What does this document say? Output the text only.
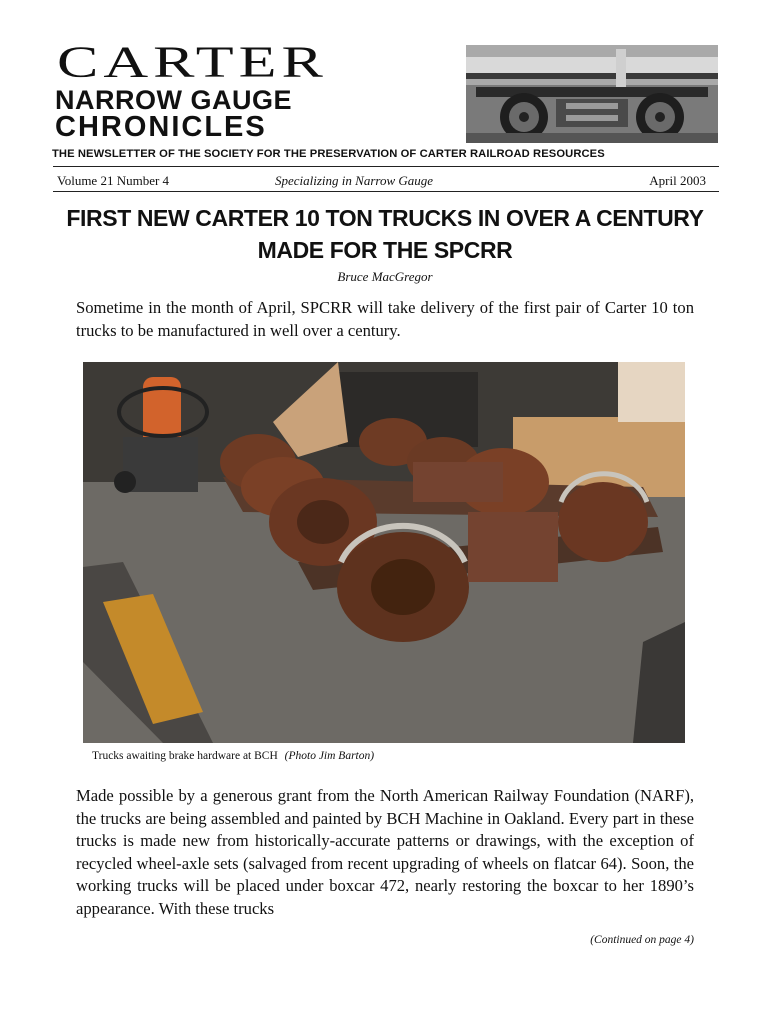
CARTER
NARROW GAUGE
CHRONICLES
THE NEWSLETTER OF THE SOCIETY FOR THE PRESERVATION OF CARTER RAILROAD RESOURCES
Volume 21 Number 4	Specializing in Narrow Gauge	April 2003
FIRST NEW CARTER 10 TON TRUCKS IN OVER A CENTURY MADE FOR THE SPCRR
Bruce MacGregor
Sometime in the month of April, SPCRR will take delivery of the first pair of Carter 10 ton trucks to be manufactured in well over a century.
Trucks awaiting brake hardware at BCH (Photo Jim Barton)
Made possible by a generous grant from the North American Railway Foundation (NARF), the trucks are being assembled and painted by BCH Machine in Oakland. Every part in these trucks is made new from historically-accurate patterns or drawings, with the exception of recycled wheel-axle sets (salvaged from recent upgrading of wheels on flatcar 64). Soon, the working trucks will be placed under boxcar 472, nearly restoring the boxcar to her 1890’s appearance. With these trucks
(Continued on page 4)
